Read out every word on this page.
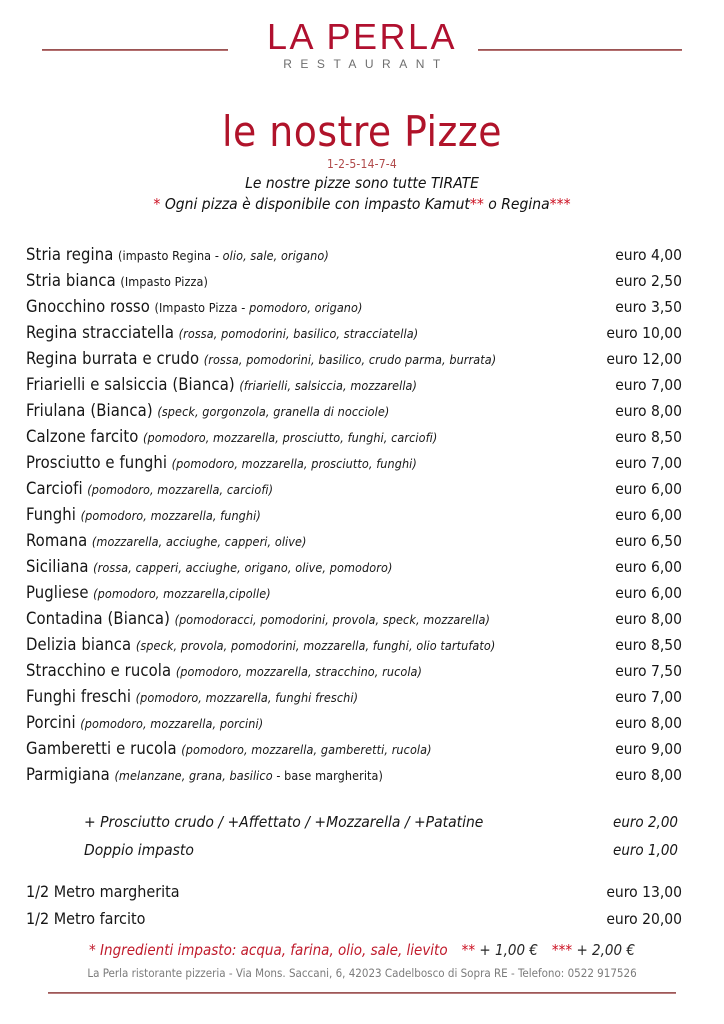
LA PERLA
RESTAURANT
le nostre Pizze
1-2-5-14-7-4
Le nostre pizze sono tutte TIRATE
* Ogni pizza è disponibile con impasto Kamut** o Regina***
Stria regina (impasto Regina - olio, sale, origano)	euro 4,00
Stria bianca (Impasto Pizza)	euro 2,50
Gnocchino rosso (Impasto Pizza - pomodoro, origano)	euro 3,50
Regina stracciatella (rossa, pomodorini, basilico, stracciatella)	euro 10,00
Regina burrata e crudo (rossa, pomodorini, basilico, crudo parma, burrata)	euro 12,00
Friarielli e salsiccia (Bianca) (friarielli, salsiccia, mozzarella)	euro 7,00
Friulana (Bianca) (speck, gorgonzola, granella di nocciole)	euro 8,00
Calzone farcito (pomodoro, mozzarella, prosciutto, funghi, carciofi)	euro 8,50
Prosciutto e funghi (pomodoro, mozzarella, prosciutto, funghi)	euro 7,00
Carciofi (pomodoro, mozzarella, carciofi)	euro 6,00
Funghi (pomodoro, mozzarella, funghi)	euro 6,00
Romana (mozzarella, acciughe, capperi, olive)	euro 6,50
Siciliana (rossa, capperi, acciughe, origano, olive, pomodoro)	euro 6,00
Pugliese (pomodoro, mozzarella,cipolle)	euro 6,00
Contadina (Bianca) (pomodoracci, pomodorini, provola, speck, mozzarella)	euro 8,00
Delizia bianca (speck, provola, pomodorini, mozzarella, funghi, olio tartufato)	euro 8,50
Stracchino e rucola (pomodoro, mozzarella, stracchino, rucola)	euro 7,50
Funghi freschi (pomodoro, mozzarella, funghi freschi)	euro 7,00
Porcini (pomodoro, mozzarella, porcini)	euro 8,00
Gamberetti e rucola (pomodoro, mozzarella, gamberetti, rucola)	euro 9,00
Parmigiana (melanzane, grana, basilico - base margherita)	euro 8,00
+ Prosciutto crudo / +Affettato / +Mozzarella / +Patatine	euro 2,00
Doppio impasto	euro 1,00
1/2 Metro margherita	euro 13,00
1/2 Metro farcito	euro 20,00
* Ingredienti impasto: acqua, farina, olio, sale, lievito ** + 1,00 € *** + 2,00 €
La Perla ristorante pizzeria - Via Mons. Saccani, 6, 42023 Cadelbosco di Sopra RE - Telefono: 0522 917526
